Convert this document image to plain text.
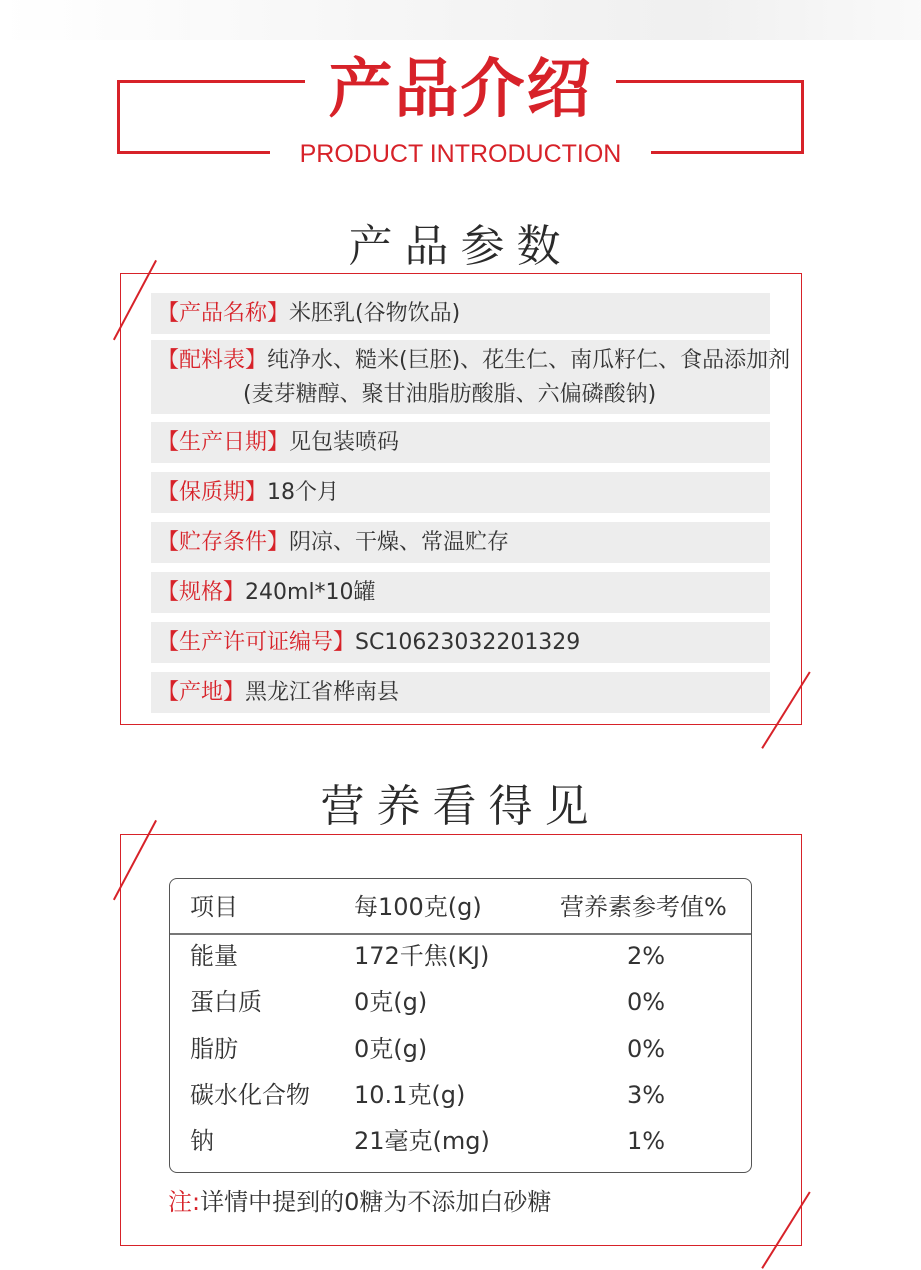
产品介绍
PRODUCT INTRODUCTION
产品参数
【产品名称】米胚乳(谷物饮品)
【配料表】纯净水、糙米(巨胚)、花生仁、南瓜籽仁、食品添加剂
(麦芽糖醇、聚甘油脂肪酸脂、六偏磷酸钠)
【生产日期】见包装喷码
【保质期】18个月
【贮存条件】阴凉、干燥、常温贮存
【规格】240ml*10罐
【生产许可证编号】SC10623032201329
【产地】黑龙江省桦南县
营养看得见
项目	每100克(g)	营养素参考值%
能量	172千焦(KJ)	2%
蛋白质	0克(g)	0%
脂肪	0克(g)	0%
碳水化合物 10.1克(g)	3%
钠	21毫克(mg)	1%
注:详情中提到的0糖为不添加白砂糖
